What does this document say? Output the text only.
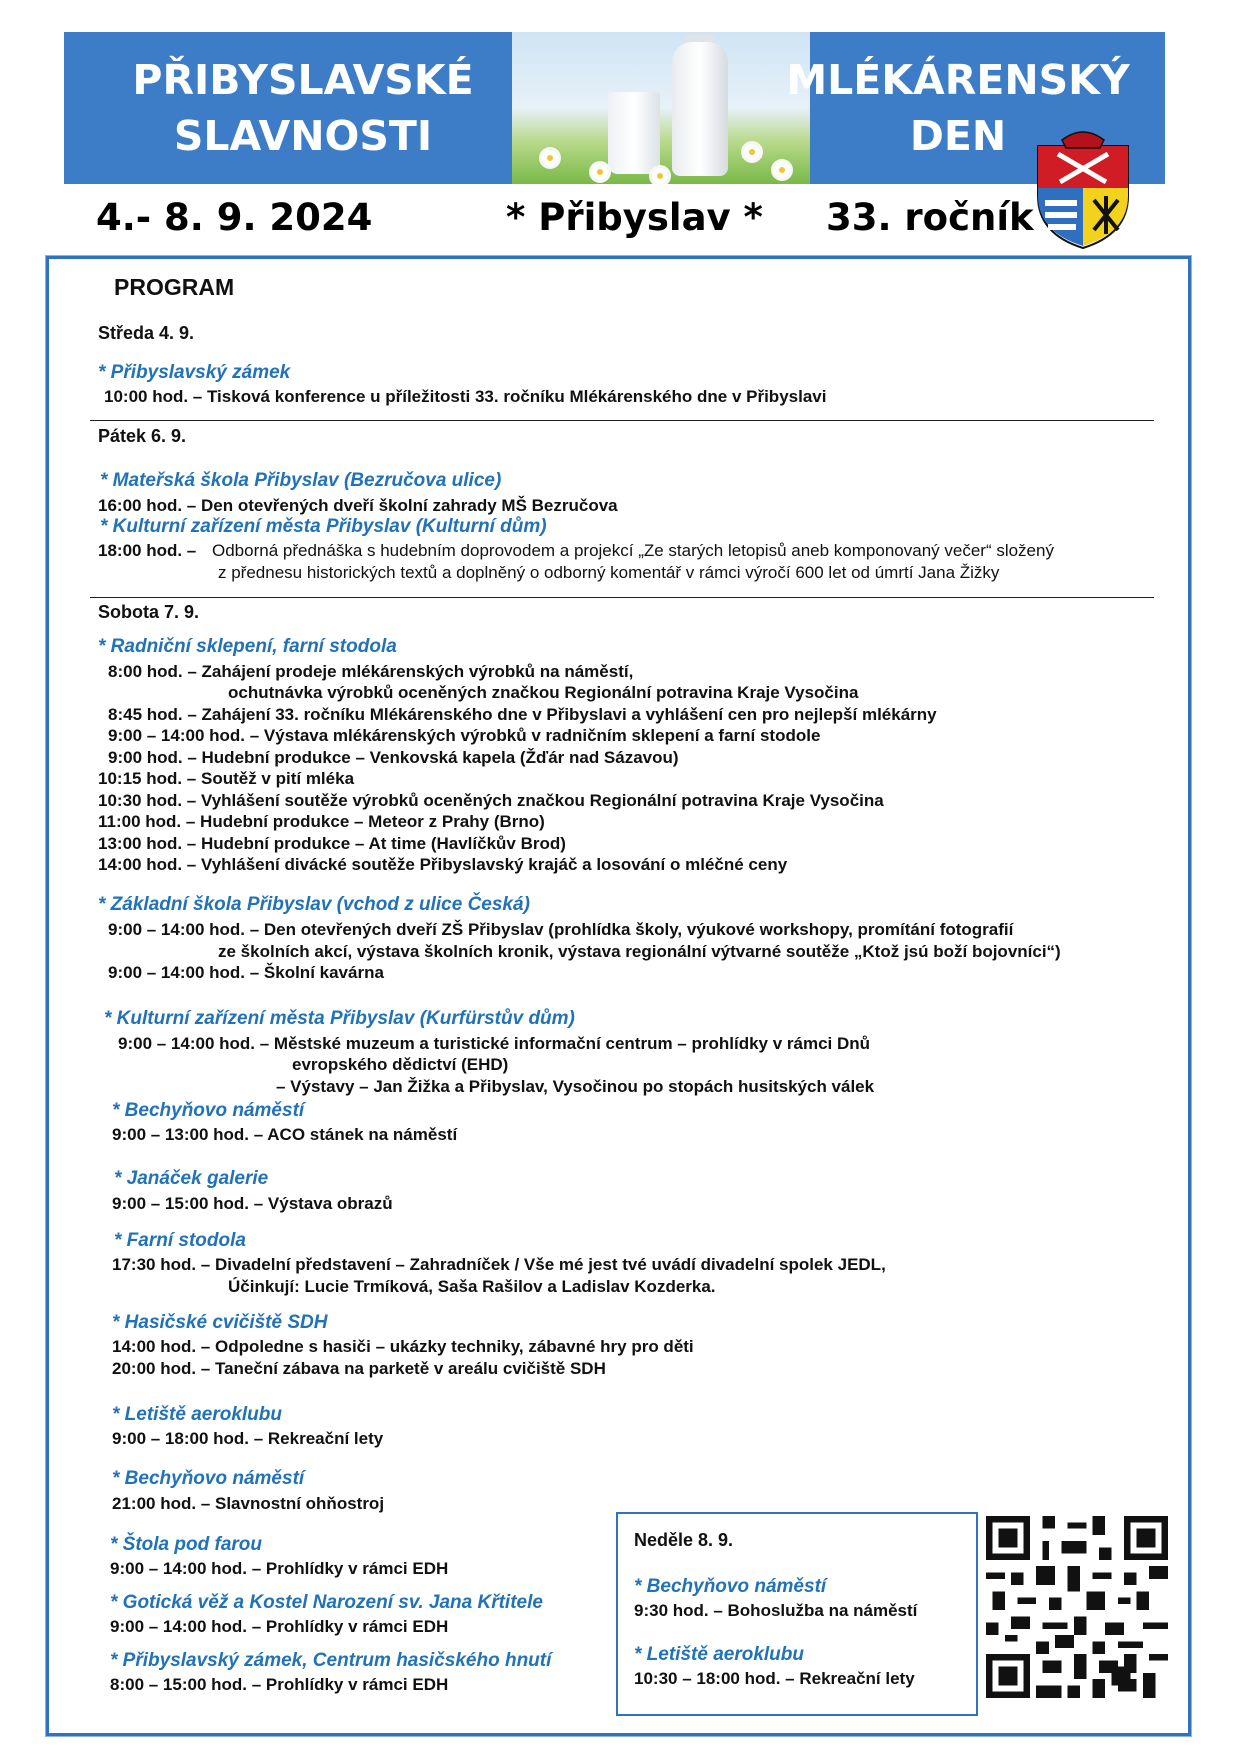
PŘIBYSLAVSKÉ
SLAVNOSTI
MLÉKÁRENSKÝ
DEN
4.- 8. 9. 2024	* Přibyslav * 33. ročník
PROGRAM
Středa 4. 9.
* Přibyslavský zámek
10:00 hod. – Tisková konference u příležitosti 33. ročníku Mlékárenského dne v Přibyslavi
Pátek 6. 9.
* Mateřská škola Přibyslav (Bezručova ulice)
16:00 hod. – Den otevřených dveří školní zahrady MŠ Bezručova
* Kulturní zařízení města Přibyslav (Kulturní dům)
18:00 hod. – Odborná přednáška s hudebním doprovodem a projekcí „Ze starých letopisů aneb komponovaný večer“ složený
z přednesu historických textů a doplněný o odborný komentář v rámci výročí 600 let od úmrtí Jana Žižky
Sobota 7. 9.
* Radniční sklepení, farní stodola
8:00 hod. – Zahájení prodeje mlékárenských výrobků na náměstí,
ochutnávka výrobků oceněných značkou Regionální potravina Kraje Vysočina
8:45 hod. – Zahájení 33. ročníku Mlékárenského dne v Přibyslavi a vyhlášení cen pro nejlepší mlékárny
9:00 – 14:00 hod. – Výstava mlékárenských výrobků v radničním sklepení a farní stodole
9:00 hod. – Hudební produkce – Venkovská kapela (Žďár nad Sázavou)
10:15 hod. – Soutěž v pití mléka
10:30 hod. – Vyhlášení soutěže výrobků oceněných značkou Regionální potravina Kraje Vysočina
11:00 hod. – Hudební produkce – Meteor z Prahy (Brno)
13:00 hod. – Hudební produkce – At time (Havlíčkův Brod)
14:00 hod. – Vyhlášení divácké soutěže Přibyslavský krajáč a losování o mléčné ceny
* Základní škola Přibyslav (vchod z ulice Česká)
9:00 – 14:00 hod. – Den otevřených dveří ZŠ Přibyslav (prohlídka školy, výukové workshopy, promítání fotografií
ze školních akcí, výstava školních kronik, výstava regionální výtvarné soutěže „Ktož jsú boží bojovníci“)
9:00 – 14:00 hod. – Školní kavárna
* Kulturní zařízení města Přibyslav (Kurfürstův dům)
9:00 – 14:00 hod. – Městské muzeum a turistické informační centrum – prohlídky v rámci Dnů
evropského dědictví (EHD)
– Výstavy – Jan Žižka a Přibyslav, Vysočinou po stopách husitských válek
* Bechyňovo náměstí
9:00 – 13:00 hod. – ACO stánek na náměstí
* Janáček galerie
9:00 – 15:00 hod. – Výstava obrazů
* Farní stodola
17:30 hod. – Divadelní představení – Zahradníček / Vše mé jest tvé uvádí divadelní spolek JEDL,
Účinkují: Lucie Trmíková, Saša Rašilov a Ladislav Kozderka.
* Hasičské cvičiště SDH
14:00 hod. – Odpoledne s hasiči – ukázky techniky, zábavné hry pro děti
20:00 hod. – Taneční zábava na parketě v areálu cvičiště SDH
* Letiště aeroklubu
9:00 – 18:00 hod. – Rekreační lety
* Bechyňovo náměstí
21:00 hod. – Slavnostní ohňostroj
* Štola pod farou
9:00 – 14:00 hod. – Prohlídky v rámci EDH
* Gotická věž a Kostel Narození sv. Jana Křtitele
9:00 – 14:00 hod. – Prohlídky v rámci EDH
* Přibyslavský zámek, Centrum hasičského hnutí
8:00 – 15:00 hod. – Prohlídky v rámci EDH
Neděle 8. 9.
* Bechyňovo náměstí
9:30 hod. – Bohoslužba na náměstí
* Letiště aeroklubu
10:30 – 18:00 hod. – Rekreační lety
